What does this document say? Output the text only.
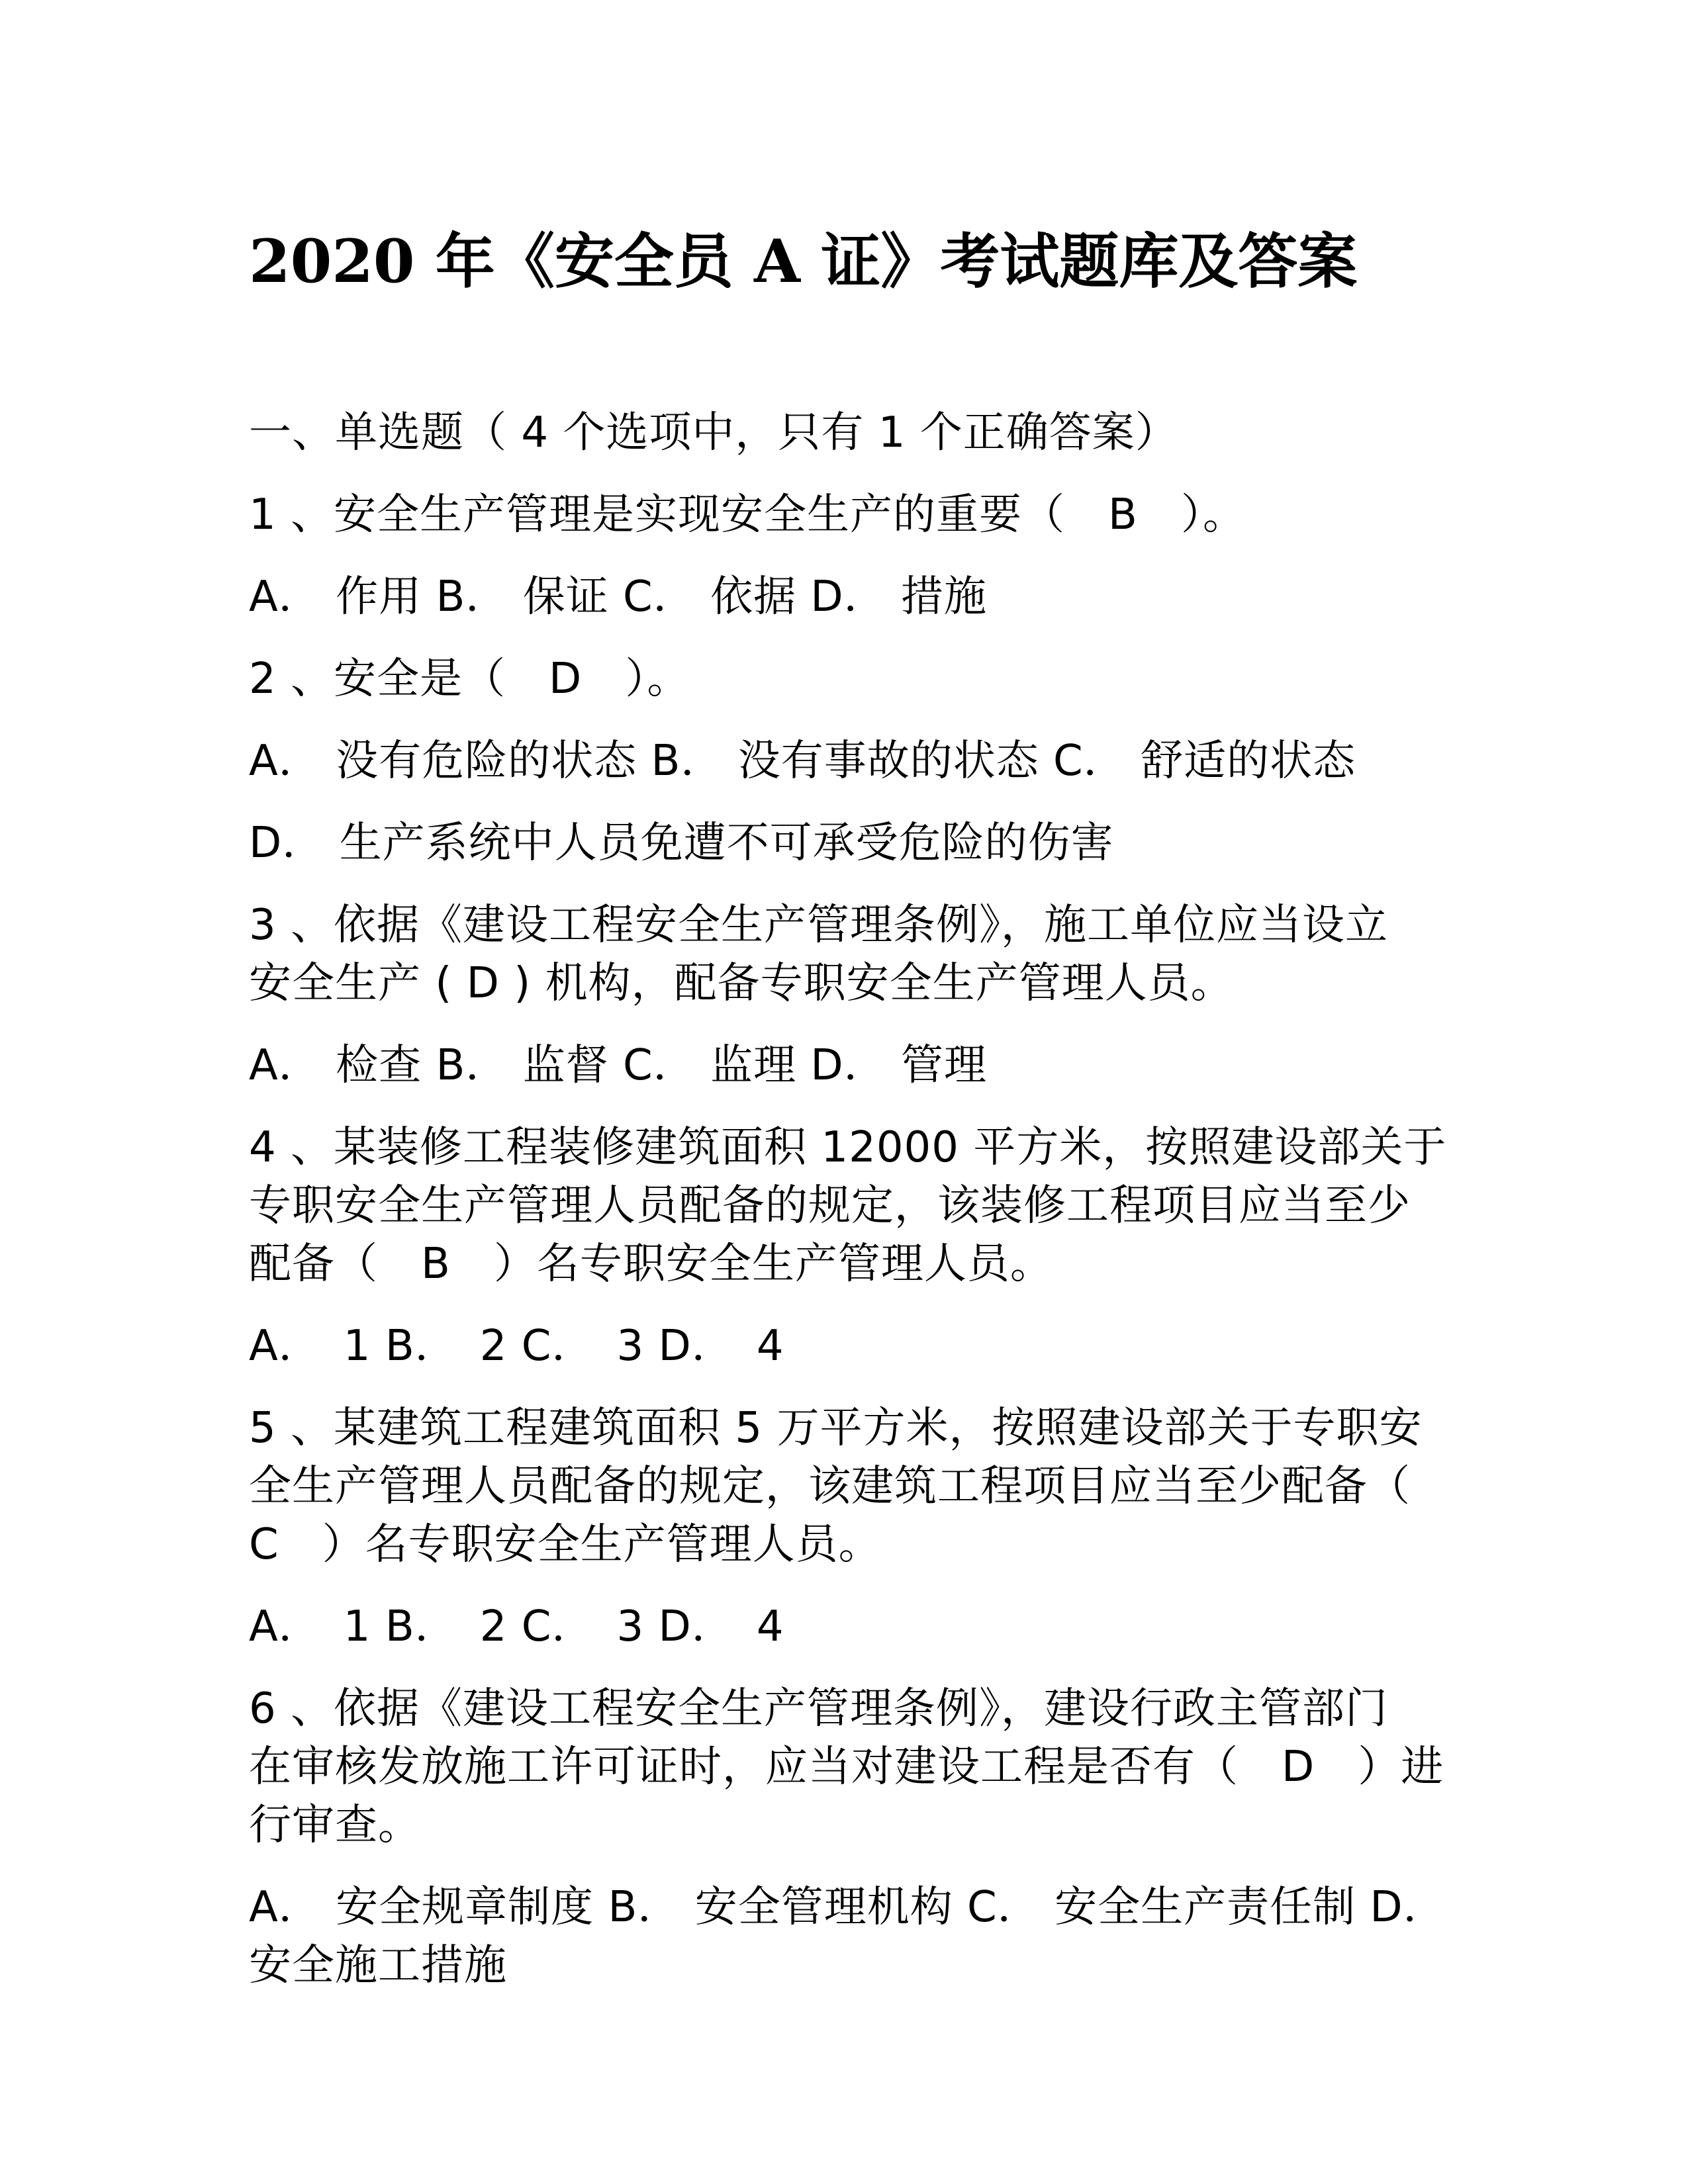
2020 年《安全员 A 证》考试题库及答案

一、单选题（ 4 个选项中，只有 1 个正确答案）

1 、安全生产管理是实现安全生产的重要（　B　）。

A． 作用 B． 保证 C． 依据 D． 措施

2 、安全是（　D　）。

A． 没有危险的状态 B． 没有事故的状态 C． 舒适的状态

D． 生产系统中人员免遭不可承受危险的伤害

3 、依据《建设工程安全生产管理条例》，施工单位应当设立
安全生产 ( D ) 机构，配备专职安全生产管理人员。

A． 检查 B． 监督 C． 监理 D． 管理

4 、某装修工程装修建筑面积 12000 平方米，按照建设部关于
专职安全生产管理人员配备的规定，该装修工程项目应当至少
配备（　B　）名专职安全生产管理人员。

A．　1 B．　2 C．　3 D．　4

5 、某建筑工程建筑面积 5 万平方米，按照建设部关于专职安
全生产管理人员配备的规定，该建筑工程项目应当至少配备（
C　）名专职安全生产管理人员。

A．　1 B．　2 C．　3 D．　4

6 、依据《建设工程安全生产管理条例》，建设行政主管部门
在审核发放施工许可证时，应当对建设工程是否有（　D　）进
行审查。

A． 安全规章制度 B． 安全管理机构 C． 安全生产责任制 D．
安全施工措施
